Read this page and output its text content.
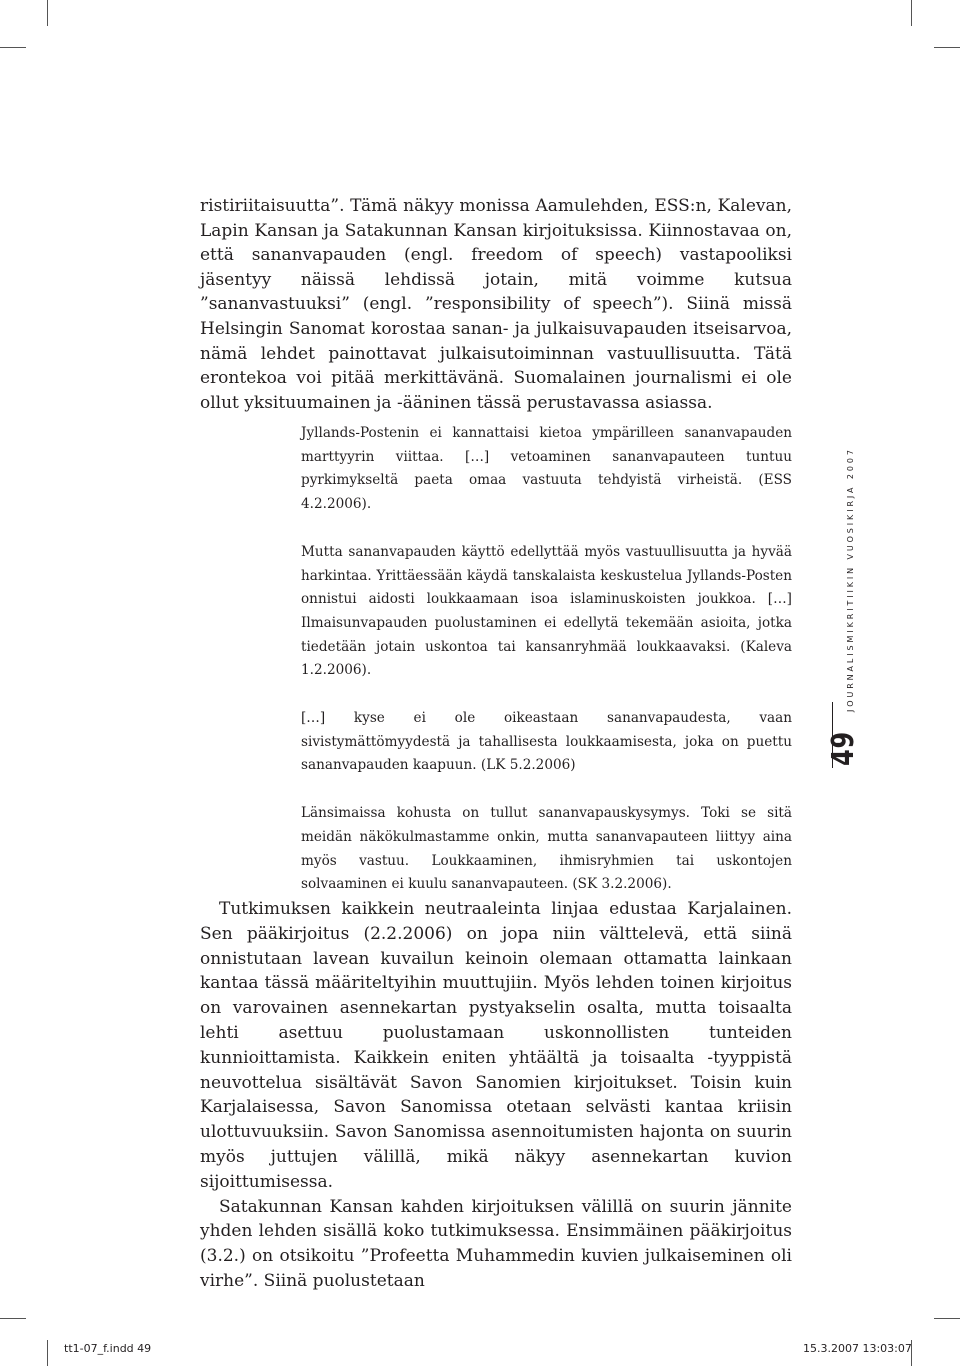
ristiriitaisuutta”. Tämä näkyy monissa Aamulehden, ESS:n, Kalevan, Lapin Kansan ja Satakunnan Kansan kirjoituksissa. Kiinnostavaa on, että sananvapauden (engl. freedom of speech) vastapooliksi jäsentyy näissä lehdissä jotain, mitä voimme kutsua ”sananvastuuksi” (engl. ”responsibility of speech”). Siinä missä Helsingin Sanomat korostaa sanan- ja julkaisuvapauden itseisarvoa, nämä lehdet painottavat julkaisutoiminnan vastuullisuutta. Tätä erontekoa voi pitää merkittävänä. Suomalainen journalismi ei ole ollut yksituumainen ja -ääninen tässä perustavassa asiassa.

Jyllands-Postenin ei kannattaisi kietoa ympärilleen sananvapauden marttyyrin viittaa. […] vetoaminen sananvapauteen tuntuu pyrkimykseltä paeta omaa vastuuta tehdyistä virheistä. (ESS 4.2.2006).

Mutta sananvapauden käyttö edellyttää myös vastuullisuutta ja hyvää harkintaa. Yrittäessään käydä tanskalaista keskustelua Jyllands-Posten onnistui aidosti loukkaamaan isoa islaminuskoisten joukkoa. […] Ilmaisunvapauden puolustaminen ei edellytä tekemään asioita, jotka tiedetään jotain uskontoa tai kansanryhmää loukkaavaksi. (Kaleva 1.2.2006).

[…] kyse ei ole oikeastaan sananvapaudesta, vaan sivistymättömyydestä ja tahallisesta loukkaamisesta, joka on puettu sananvapauden kaapuun. (LK 5.2.2006)

Länsimaissa kohusta on tullut sananvapauskysymys. Toki se sitä meidän näkökulmastamme onkin, mutta sananvapauteen liittyy aina myös vastuu. Loukkaaminen, ihmisryhmien tai uskontojen solvaaminen ei kuulu sananvapauteen. (SK 3.2.2006).

Tutkimuksen kaikkein neutraaleinta linjaa edustaa Karjalainen. Sen pääkirjoitus (2.2.2006) on jopa niin välttelevä, että siinä onnistutaan lavean kuvailun keinoin olemaan ottamatta lainkaan kantaa tässä määriteltyihin muuttujiin. Myös lehden toinen kirjoitus on varovainen asennekartan pystyakselin osalta, mutta toisaalta lehti asettuu puolustamaan uskonnollisten tunteiden kunnioittamista. Kaikkein eniten yhtäältä ja toisaalta -tyyppistä neuvottelua sisältävät Savon Sanomien kirjoitukset. Toisin kuin Karjalaisessa, Savon Sanomissa otetaan selvästi kantaa kriisin ulottuvuuksiin. Savon Sanomissa asennoitumisten hajonta on suurin myös juttujen välillä, mikä näkyy asennekartan kuvion sijoittumisessa.

Satakunnan Kansan kahden kirjoituksen välillä on suurin jännite yhden lehden sisällä koko tutkimuksessa. Ensimmäinen pääkirjoitus (3.2.) on otsikoitu ”Profeetta Muhammedin kuvien julkaiseminen oli virhe”. Siinä puolustetaan

JOURNALISMIKRITIIKIN VUOSIKIRJA 2007
49
tt1-07_f.indd 49	15.3.2007 13:03:07
